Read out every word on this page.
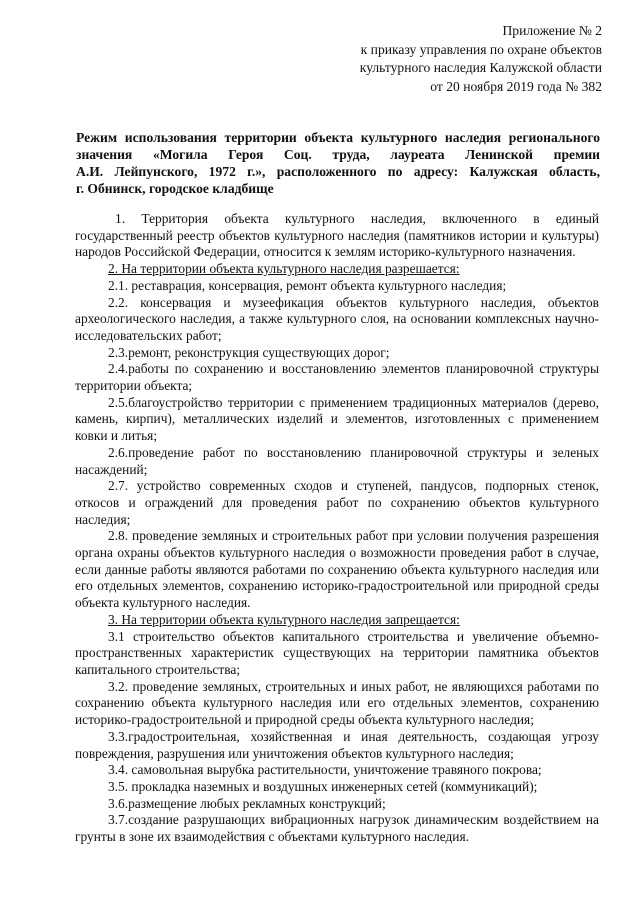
Приложение № 2
к приказу управления по охране объектов
культурного наследия Калужской области
от 20 ноября 2019 года № 382
Режим использования территории объекта культурного наследия регионального
значения «Могила Героя Соц. труда, лауреата Ленинской премии
А.И. Лейпунского, 1972 г.», расположенного по адресу: Калужская область,
г. Обнинск, городское кладбище

1. Территория объекта культурного наследия, включенного в единый государственный реестр объектов культурного наследия (памятников истории и культуры) народов Российской Федерации, относится к землям историко-культурного назначения.

2. На территории объекта культурного наследия разрешается:

2.1. реставрация, консервация, ремонт объекта культурного наследия;

2.2. консервация и музеефикация объектов культурного наследия, объектов археологического наследия, а также культурного слоя, на основании комплексных научно-исследовательских работ;

2.3.ремонт, реконструкция существующих дорог;

2.4.работы по сохранению и восстановлению элементов планировочной структуры территории объекта;

2.5.благоустройство территории с применением традиционных материалов (дерево, камень, кирпич), металлических изделий и элементов, изготовленных с применением ковки и литья;

2.6.проведение работ по восстановлению планировочной структуры и зеленых насаждений;

2.7. устройство современных сходов и ступеней, пандусов, подпорных стенок, откосов и ограждений для проведения работ по сохранению объектов культурного наследия;

2.8. проведение земляных и строительных работ при условии получения разрешения органа охраны объектов культурного наследия о возможности проведения работ в случае, если данные работы являются работами по сохранению объекта культурного наследия или его отдельных элементов, сохранению историко-градостроительной или природной среды объекта культурного наследия.

3. На территории объекта культурного наследия запрещается:

3.1 строительство объектов капитального строительства и увеличение объемно-пространственных характеристик существующих на территории памятника объектов капитального строительства;

3.2. проведение земляных, строительных и иных работ, не являющихся работами по сохранению объекта культурного наследия или его отдельных элементов, сохранению историко-градостроительной и природной среды объекта культурного наследия;

3.3.градостроительная, хозяйственная и иная деятельность, создающая угрозу повреждения, разрушения или уничтожения объектов культурного наследия;

3.4. самовольная вырубка растительности, уничтожение травяного покрова;

3.5. прокладка наземных и воздушных инженерных сетей (коммуникаций);

3.6.размещение любых рекламных конструкций;

3.7.создание разрушающих вибрационных нагрузок динамическим воздействием на грунты в зоне их взаимодействия с объектами культурного наследия.
